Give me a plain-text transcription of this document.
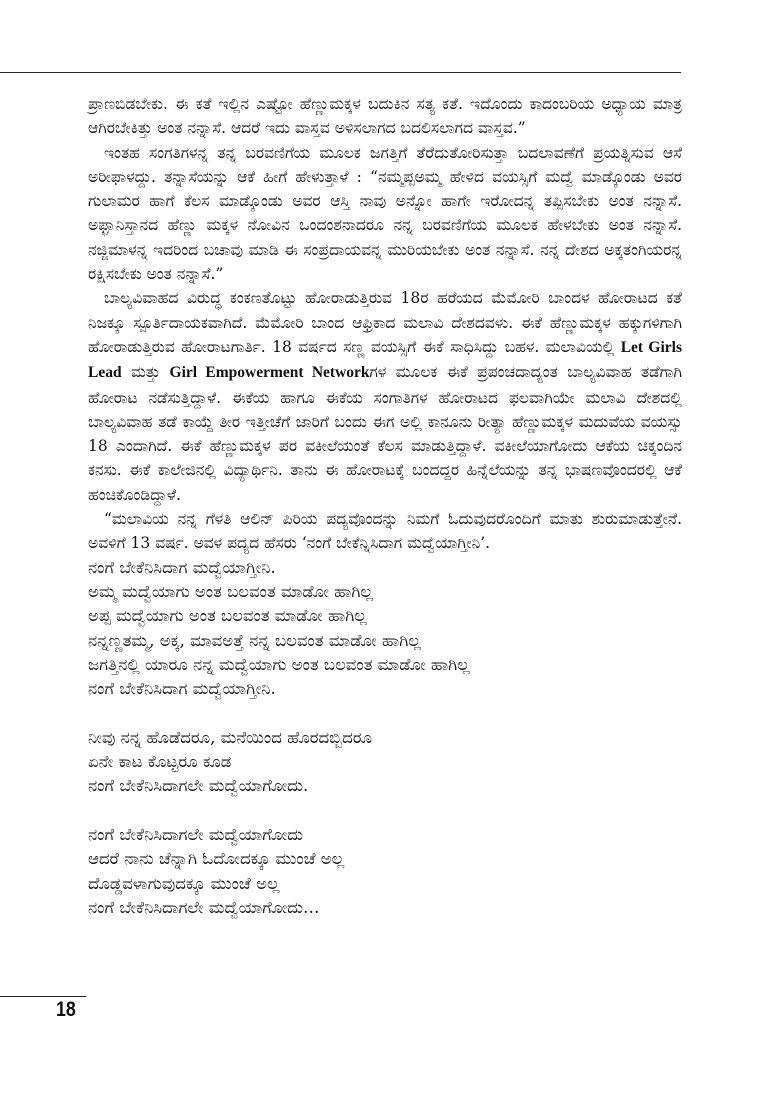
ಪ್ರಾಣಬಿಡಬೇಕು. ಈ ಕತೆ ಇಲ್ಲಿನ ಎಷ್ಟೋ ಹೆಣ್ಣುಮಕ್ಕಳ ಬದುಕಿನ ಸತ್ಯ ಕತೆ. ಇದೊಂದು ಕಾದಂಬರಿಯ ಅಧ್ಯಾಯ ಮಾತ್ರ ಆಗಿರಬೇಕಿತ್ತು ಅಂತ ನನ್ನಾಸೆ. ಆದರೆ ಇದು ವಾಸ್ತವ ಅಳಿಸಲಾಗದ ಬದಲಿಸಲಾಗದ ವಾಸ್ತವ.”

ಇಂತಹ ಸಂಗತಿಗಳನ್ನ ತನ್ನ ಬರವಣಿಗೆಯ ಮೂಲಕ ಜಗತ್ತಿಗೆ ತೆರೆದುತೋರಿಸುತ್ತಾ ಬದಲಾವಣೆಗೆ ಪ್ರಯತ್ನಿಸುವ ಆಸೆ ಅರೀಫಾಳದ್ದು. ತನ್ನಾಸೆಯನ್ನು ಆಕೆ ಹೀಗೆ ಹೇಳುತ್ತಾಳೆ : “ನಮ್ಮಪ್ಪಅಮ್ಮ ಹೇಳಿದ ವಯಸ್ಸಿಗೆ ಮದ್ವೆ ಮಾಡ್ಕೊಂಡು ಅವರ ಗುಲಾಮರ ಹಾಗೆ ಕೆಲಸ ಮಾಡ್ಕೊಂಡು ಅವರ ಆಸ್ತಿ ನಾವು ಅನ್ನೋ ಹಾಗೇ ಇರೋದನ್ನ ತಪ್ಪಿಸಬೇಕು ಅಂತ ನನ್ನಾಸೆ. ಅಫ್ಘಾನಿಸ್ತಾನದ ಹೆಣ್ಣು ಮಕ್ಕಳ ನೋವಿನ ಒಂದಂಶನಾದರೂ ನನ್ನ ಬರವಣಿಗೆಯ ಮೂಲಕ ಹೇಳಬೇಕು ಅಂತ ನನ್ನಾಸೆ. ನಜ್ಜಿಮಾಳನ್ನ ಇದರಿಂದ ಬಚಾವು ಮಾಡಿ ಈ ಸಂಪ್ರದಾಯವನ್ನ ಮುರಿಯಬೇಕು ಅಂತ ನನ್ನಾಸೆ. ನನ್ನ ದೇಶದ ಅಕ್ಕತಂಗಿಯರನ್ನ ರಕ್ಷಿಸಬೇಕು ಅಂತ ನನ್ನಾಸೆ.”

ಬಾಲ್ಯವಿವಾಹದ ವಿರುದ್ಧ ಕಂಕಣತೊಟ್ಟು ಹೋರಾಡುತ್ತಿರುವ 18ರ ಹರೆಯದ ಮೆಮೋರಿ ಬಾಂದಳ ಹೋರಾಟದ ಕತೆ ನಿಜಕ್ಕೂ ಸ್ಪೂರ್ತಿದಾಯಕವಾಗಿದೆ. ಮೆಮೋರಿ ಬಾಂದ ಆಫ್ರಿಕಾದ ಮಲಾವಿ ದೇಶದವಳು. ಈಕೆ ಹೆಣ್ಣುಮಕ್ಕಳ ಹಕ್ಕುಗಳಿಗಾಗಿ ಹೋರಾಡುತ್ತಿರುವ ಹೋರಾಟಗಾರ್ತಿ. 18 ವರ್ಷದ ಸಣ್ಣ ವಯಸ್ಸಿಗೆ ಈಕೆ ಸಾಧಿಸಿದ್ದು ಬಹಳ. ಮಲಾವಿಯಲ್ಲಿ Let Girls Lead ಮತ್ತು Girl Empowerment Networkಗಳ ಮೂಲಕ ಈಕೆ ಪ್ರಪಂಚದಾದ್ಯಂತ ಬಾಲ್ಯವಿವಾಹ ತಡೆಗಾಗಿ ಹೋರಾಟ ನಡೆಸುತ್ತಿದ್ದಾಳೆ. ಈಕೆಯ ಹಾಗೂ ಈಕೆಯ ಸಂಗಾತಿಗಳ ಹೋರಾಟದ ಫಲವಾಗಿಯೇ ಮಲಾವಿ ದೇಶದಲ್ಲಿ ಬಾಲ್ಯವಿವಾಹ ತಡೆ ಕಾಯ್ದೆ ತೀರ ಇತ್ತೀಚೆಗೆ ಜಾರಿಗೆ ಬಂದು ಈಗ ಅಲ್ಲಿ ಕಾನೂನು ರೀತ್ಯಾ ಹೆಣ್ಣುಮಕ್ಕಳ ಮದುವೆಯ ವಯಸ್ಸು 18 ಎಂದಾಗಿದೆ. ಈಕೆ ಹೆಣ್ಣುಮಕ್ಕಳ ಪರ ವಕೀಲೆಯಂತೆ ಕೆಲಸ ಮಾಡುತ್ತಿದ್ದಾಳೆ. ವಕೀಲೆಯಾಗೋದು ಆಕೆಯ ಚಿಕ್ಕಂದಿನ ಕನಸು. ಈಕೆ ಕಾಲೇಜಿನಲ್ಲಿ ವಿದ್ಯಾರ್ಥಿನಿ. ತಾನು ಈ ಹೋರಾಟಕ್ಕೆ ಬಂದದ್ದರ ಹಿನ್ನೆಲೆಯನ್ನು ತನ್ನ ಭಾಷಣವೊಂದರಲ್ಲಿ ಆಕೆ ಹಂಚಿಕೊಂಡಿದ್ದಾಳೆ.

“ಮಲಾವಿಯ ನನ್ನ ಗೆಳತಿ ಆಲಿನ್ ಪಿರಿಯ ಪದ್ಯವೊಂದನ್ನು ನಿಮಗೆ ಓದುವುದರೊಂದಿಗೆ ಮಾತು ಶುರುಮಾಡುತ್ತೇನೆ. ಅವಳಿಗೆ 13 ವರ್ಷ. ಅವಳ ಪದ್ಯದ ಹೆಸರು ‘ನಂಗೆ ಬೇಕೆನ್ನಿಸಿದಾಗ ಮದ್ವೆಯಾಗ್ತೀನಿ’.

ನಂಗೆ ಬೇಕೆನಿಸಿದಾಗ ಮದ್ವೆಯಾಗ್ತೀನಿ.
ಅಮ್ಮ ಮದ್ವೆಯಾಗು ಅಂತ ಬಲವಂತ ಮಾಡೋ ಹಾಗಿಲ್ಲ
ಅಪ್ಪ ಮದ್ವೆಯಾಗು ಅಂತ ಬಲವಂತ ಮಾಡೋ ಹಾಗಿಲ್ಲ
ನನ್ನಣ್ಣತಮ್ಮ, ಅಕ್ಕ, ಮಾವಅತ್ತೆ ನನ್ನ ಬಲವಂತ ಮಾಡೋ ಹಾಗಿಲ್ಲ
ಜಗತ್ತಿನಲ್ಲಿ ಯಾರೂ ನನ್ನ ಮದ್ವೆಯಾಗು ಅಂತ ಬಲವಂತ ಮಾಡೋ ಹಾಗಿಲ್ಲ
ನಂಗೆ ಬೇಕೆನಿಸಿದಾಗ ಮದ್ವೆಯಾಗ್ತೀನಿ.
ನೀವು ನನ್ನ ಹೊಡೆದರೂ, ಮನೆಯಿಂದ ಹೊರದಬ್ಬಿದರೂ
ಏನೇ ಕಾಟ ಕೊಟ್ಟರೂ ಕೂಡ
ನಂಗೆ ಬೇಕೆನಿಸಿದಾಗಲೇ ಮದ್ವೆಯಾಗೋದು.
ನಂಗೆ ಬೇಕೆನಿಸಿದಾಗಲೇ ಮದ್ವೆಯಾಗೋದು
ಆದರೆ ನಾನು ಚೆನ್ನಾಗಿ ಓದೋದಕ್ಕೂ ಮುಂಚೆ ಅಲ್ಲ
ದೊಡ್ಡವಳಾಗುವುದಕ್ಕೂ ಮುಂಚೆ ಅಲ್ಲ
ನಂಗೆ ಬೇಕೆನಿಸಿದಾಗಲೇ ಮದ್ವೆಯಾಗೋದು…
18
